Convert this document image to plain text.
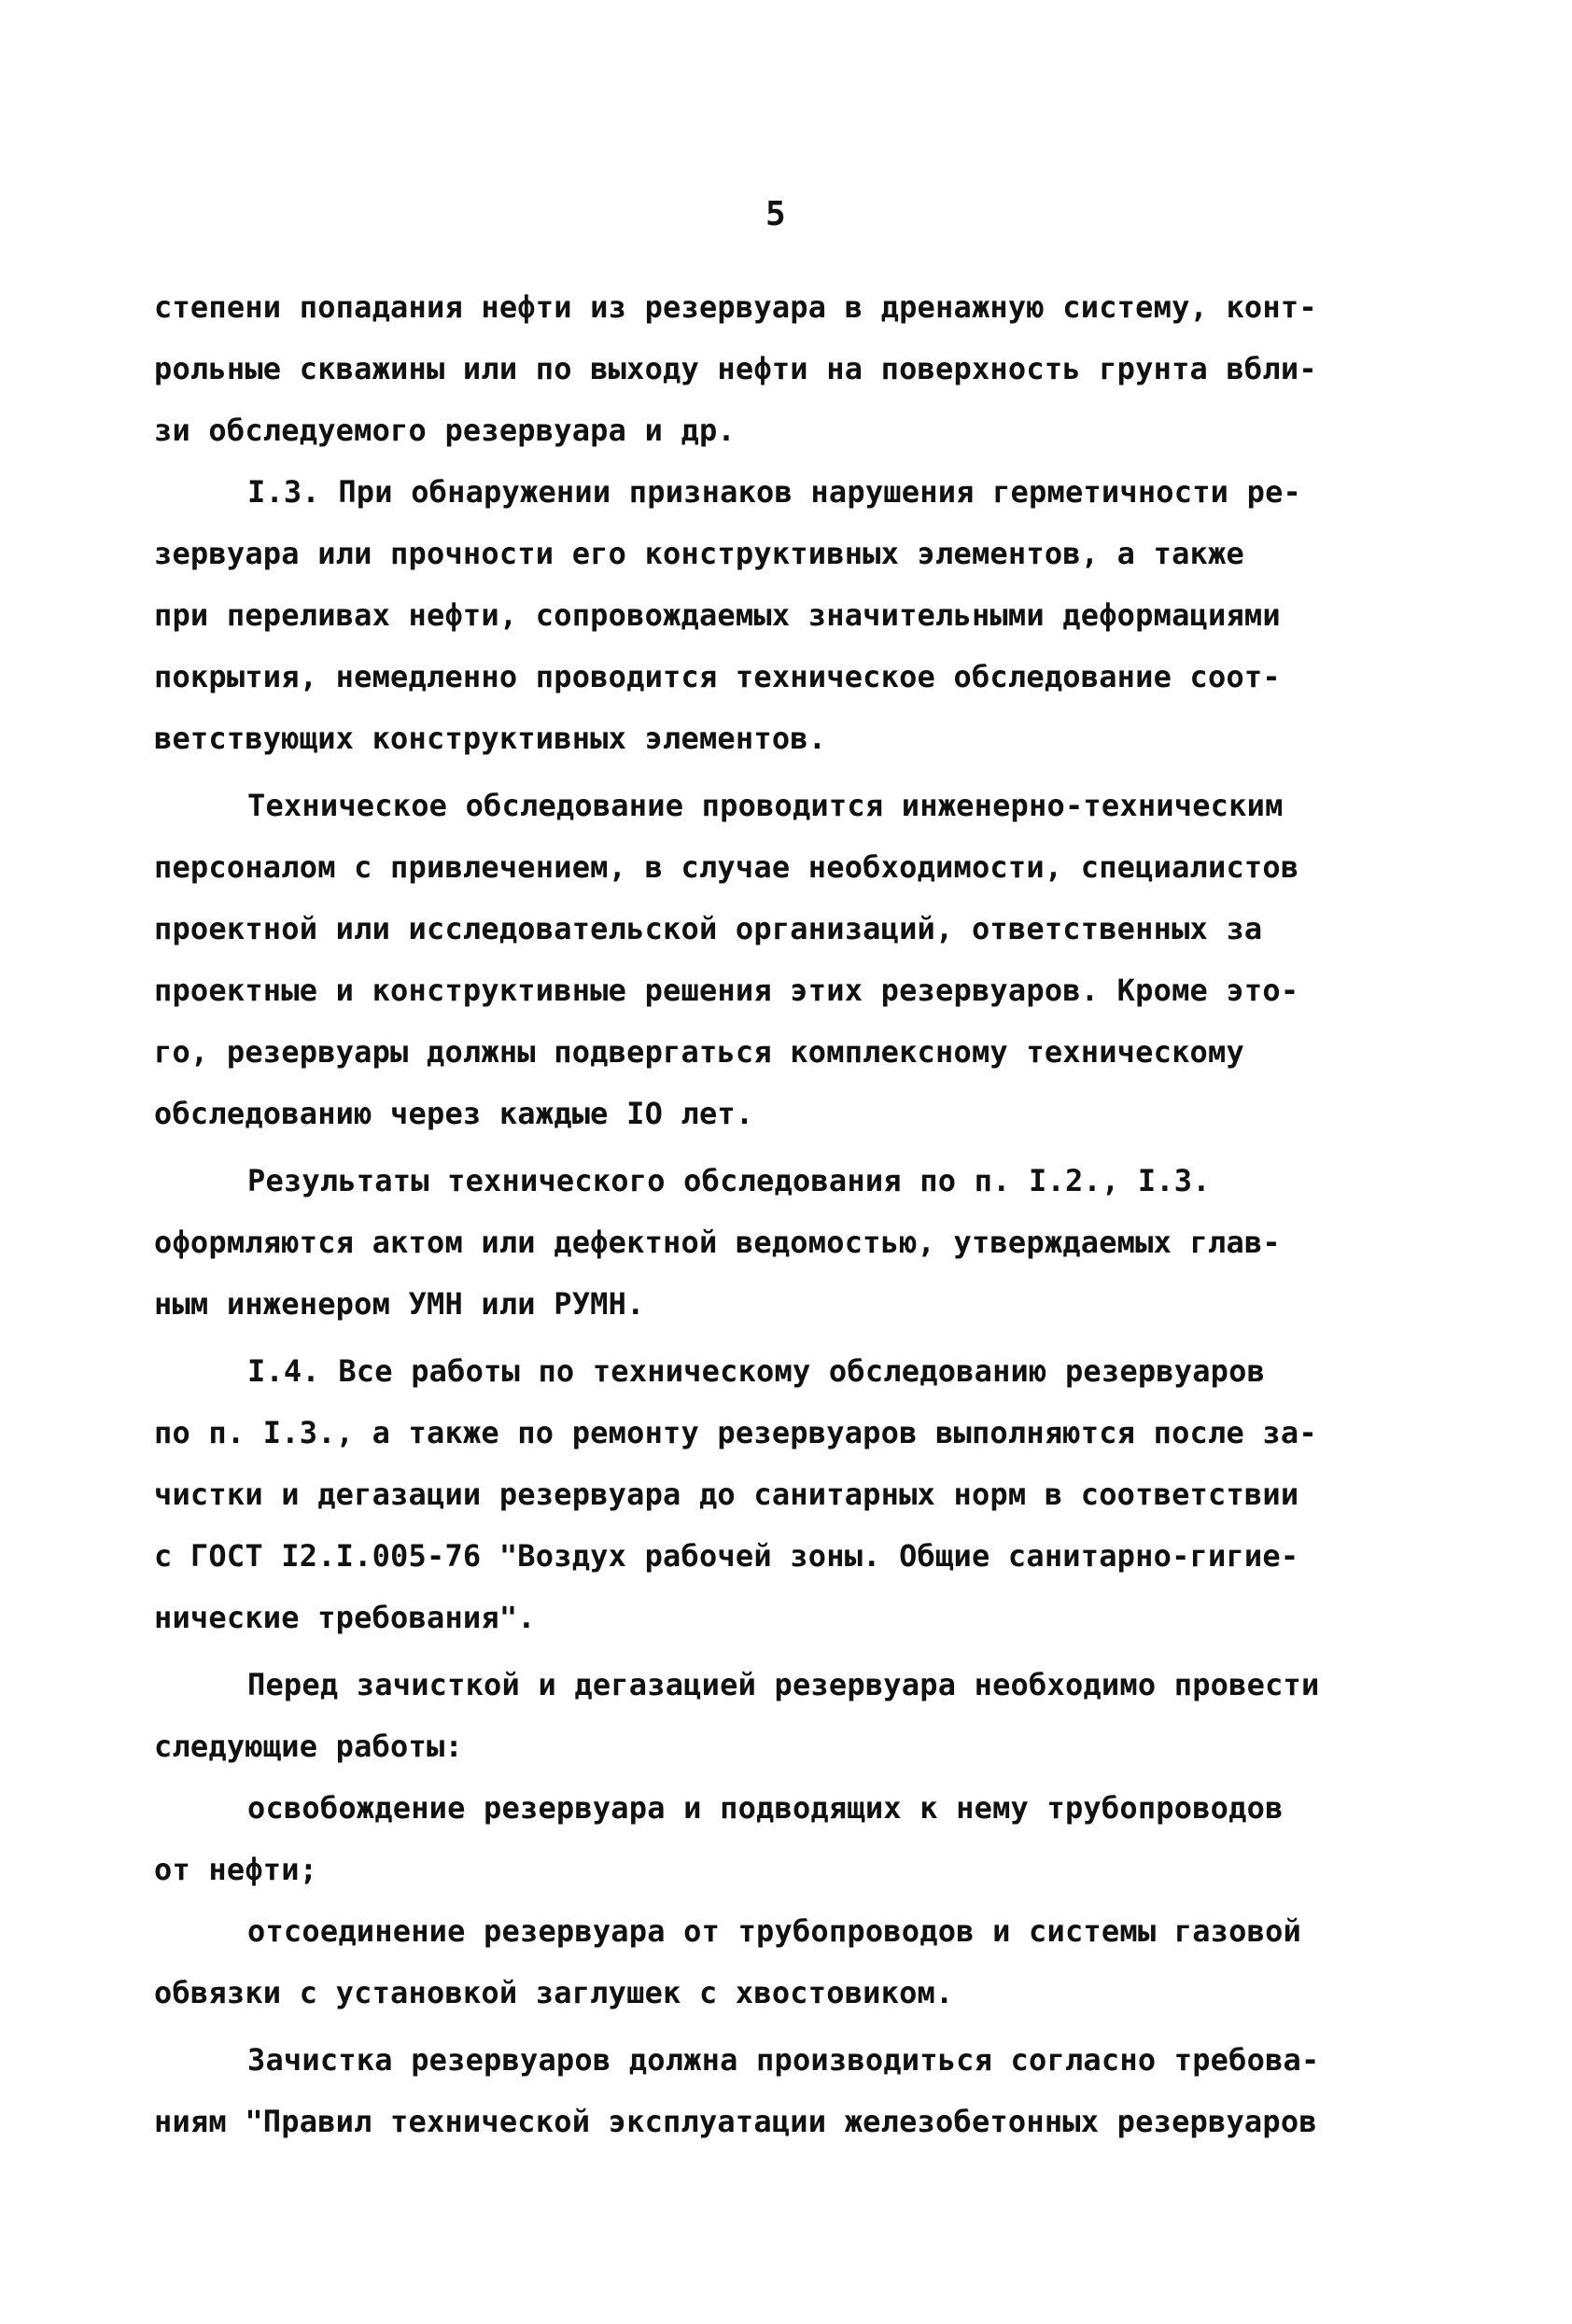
5

степени попадания нефти из резервуара в дренажную систему, конт-
рольные скважины или по выходу нефти на поверхность грунта вбли-
зи обследуемого резервуара и др.

I.3. При обнаружении признаков нарушения герметичности ре-
зервуара или прочности его конструктивных элементов, а также
при переливах нефти, сопровождаемых значительными деформациями
покрытия, немедленно проводится техническое обследование соот-
ветствующих конструктивных элементов.

Техническое обследование проводится инженерно-техническим
персоналом с привлечением, в случае необходимости, специалистов
проектной или исследовательской организаций, ответственных за
проектные и конструктивные решения этих резервуаров. Кроме это-
го, резервуары должны подвергаться комплексному техническому
обследованию через каждые IO лет.

Результаты технического обследования по п. I.2., I.3.
оформляются актом или дефектной ведомостью, утверждаемых глав-
ным инженером УМН или РУМН.

I.4. Все работы по техническому обследованию резервуаров
по п. I.3., а также по ремонту резервуаров выполняются после за-
чистки и дегазации резервуара до санитарных норм в соответствии
с ГОСТ I2.I.005-76 "Воздух рабочей зоны. Общие санитарно-гигие-
нические требования".

Перед зачисткой и дегазацией резервуара необходимо провести
следующие работы:

освобождение резервуара и подводящих к нему трубопроводов
от нефти;

отсоединение резервуара от трубопроводов и системы газовой
обвязки с установкой заглушек с хвостовиком.

Зачистка резервуаров должна производиться согласно требова-
ниям "Правил технической эксплуатации железобетонных резервуаров
